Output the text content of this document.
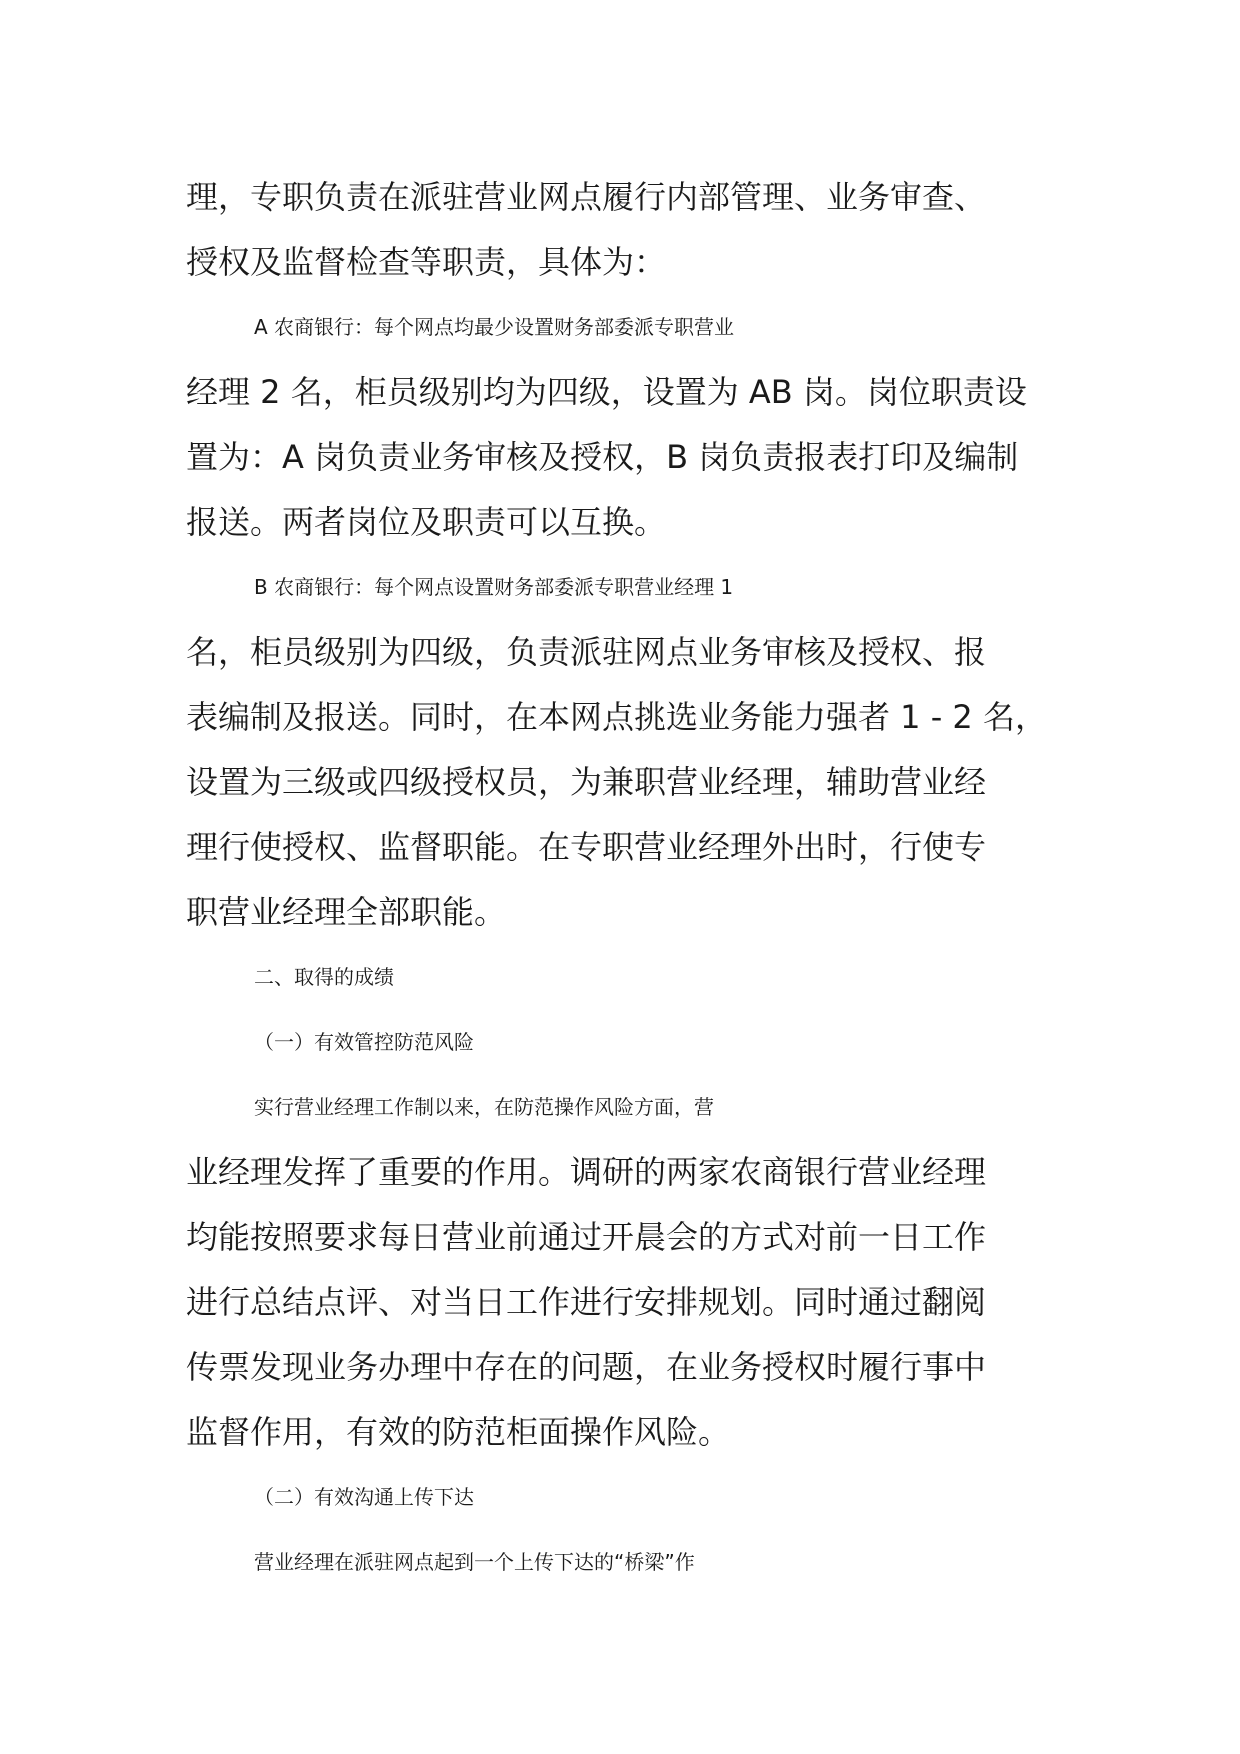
理，专职负责在派驻营业网点履行内部管理、业务审查、
授权及监督检查等职责，具体为：
A 农商银行：每个网点均最少设置财务部委派专职营业
经理 2 名，柜员级别均为四级，设置为 AB 岗。岗位职责设
置为：A 岗负责业务审核及授权，B 岗负责报表打印及编制
报送。两者岗位及职责可以互换。
B 农商银行：每个网点设置财务部委派专职营业经理 1
名，柜员级别为四级，负责派驻网点业务审核及授权、报
表编制及报送。同时，在本网点挑选业务能力强者 1 - 2 名，
设置为三级或四级授权员，为兼职营业经理，辅助营业经
理行使授权、监督职能。在专职营业经理外出时，行使专
职营业经理全部职能。
二、取得的成绩
（一）有效管控防范风险
实行营业经理工作制以来，在防范操作风险方面，营
业经理发挥了重要的作用。调研的两家农商银行营业经理
均能按照要求每日营业前通过开晨会的方式对前一日工作
进行总结点评、对当日工作进行安排规划。同时通过翻阅
传票发现业务办理中存在的问题，在业务授权时履行事中
监督作用，有效的防范柜面操作风险。
（二）有效沟通上传下达
营业经理在派驻网点起到一个上传下达的“桥梁”作
